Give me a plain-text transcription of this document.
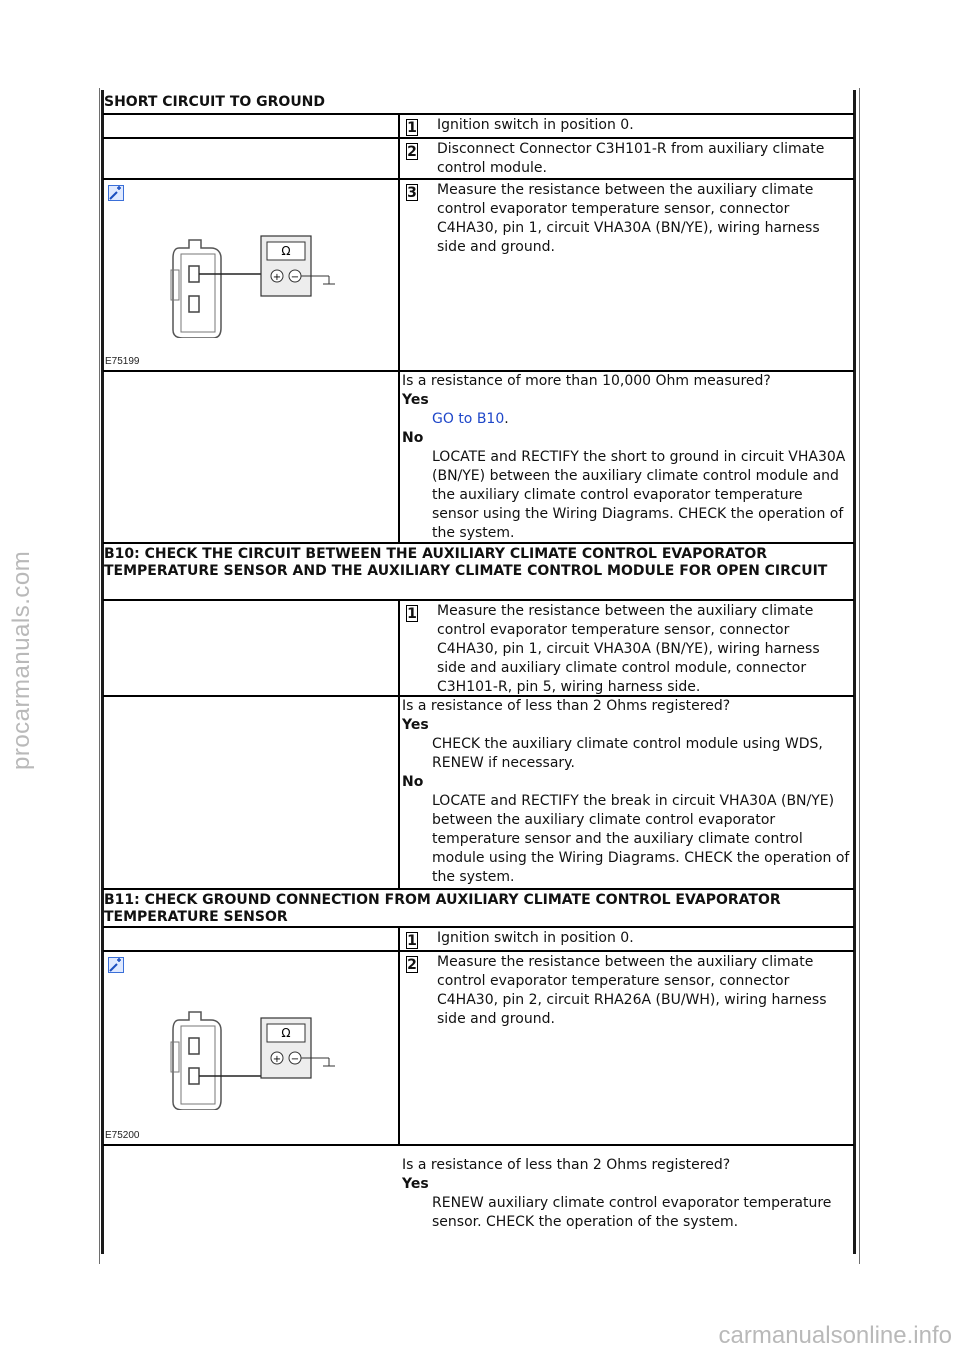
procarmanuals.com
carmanualsonline.info
SHORT CIRCUIT TO GROUND
1 Ignition switch in position 0.
2 Disconnect Connector C3H101-R from auxiliary climate control module.
Ω
+ −
E75199
3 Measure the resistance between the auxiliary climate control evaporator temperature sensor, connector C4HA30, pin 1, circuit VHA30A (BN/YE), wiring harness side and ground.
Is a resistance of more than 10,000 Ohm measured?
Yes
GO to B10.
No
LOCATE and RECTIFY the short to ground in circuit VHA30A (BN/YE) between the auxiliary climate control module and the auxiliary climate control evaporator temperature sensor using the Wiring Diagrams. CHECK the operation of the system.
B10: CHECK THE CIRCUIT BETWEEN THE AUXILIARY CLIMATE CONTROL EVAPORATOR TEMPERATURE SENSOR AND THE AUXILIARY CLIMATE CONTROL MODULE FOR OPEN CIRCUIT
1 Measure the resistance between the auxiliary climate control evaporator temperature sensor, connector C4HA30, pin 1, circuit VHA30A (BN/YE), wiring harness side and auxiliary climate control module, connector C3H101-R, pin 5, wiring harness side.
Is a resistance of less than 2 Ohms registered?
Yes
CHECK the auxiliary climate control module using WDS, RENEW if necessary.
No
LOCATE and RECTIFY the break in circuit VHA30A (BN/YE) between the auxiliary climate control evaporator temperature sensor and the auxiliary climate control module using the Wiring Diagrams. CHECK the operation of the system.
B11: CHECK GROUND CONNECTION FROM AUXILIARY CLIMATE CONTROL EVAPORATOR TEMPERATURE SENSOR
1 Ignition switch in position 0.
Ω
+ −
E75200
2 Measure the resistance between the auxiliary climate control evaporator temperature sensor, connector C4HA30, pin 2, circuit RHA26A (BU/WH), wiring harness side and ground.
Is a resistance of less than 2 Ohms registered?
Yes
RENEW auxiliary climate control evaporator temperature sensor. CHECK the operation of the system.
